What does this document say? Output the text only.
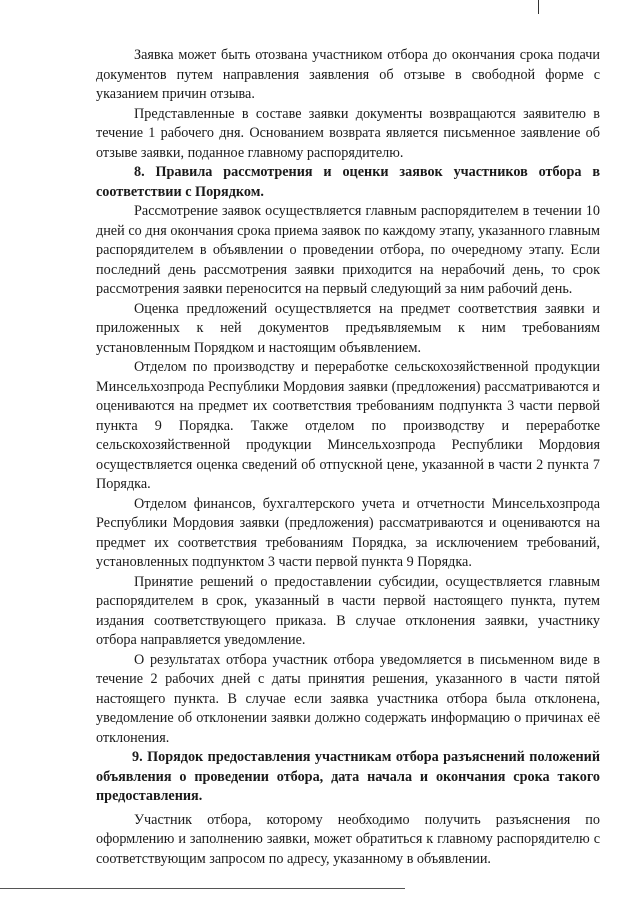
Заявка может быть отозвана участником отбора до окончания срока подачи документов путем направления заявления об отзыве в свободной форме с указанием причин отзыва.

Представленные в составе заявки документы возвращаются заявителю в течение 1 рабочего дня. Основанием возврата является письменное заявление об отзыве заявки, поданное главному распорядителю.

8. Правила рассмотрения и оценки заявок участников отбора в соответствии с Порядком.

Рассмотрение заявок осуществляется главным распорядителем в течении 10 дней со дня окончания срока приема заявок по каждому этапу, указанного главным распорядителем в объявлении о проведении отбора, по очередному этапу. Если последний день рассмотрения заявки приходится на нерабочий день, то срок рассмотрения заявки переносится на первый следующий за ним рабочий день.

Оценка предложений осуществляется на предмет соответствия заявки и приложенных к ней документов предъявляемым к ним требованиям установленным Порядком и настоящим объявлением.

Отделом по производству и переработке сельскохозяйственной продукции Минсельхозпрода Республики Мордовия заявки (предложения) рассматриваются и оцениваются на предмет их соответствия требованиям подпункта 3 части первой пункта 9 Порядка. Также отделом по производству и переработке сельскохозяйственной продукции Минсельхозпрода Республики Мордовия осуществляется оценка сведений об отпускной цене, указанной в части 2 пункта 7 Порядка.

Отделом финансов, бухгалтерского учета и отчетности Минсельхозпрода Республики Мордовия заявки (предложения) рассматриваются и оцениваются на предмет их соответствия требованиям Порядка, за исключением требований, установленных подпунктом 3 части первой пункта 9 Порядка.

Принятие решений о предоставлении субсидии, осуществляется главным распорядителем в срок, указанный в части первой настоящего пункта, путем издания соответствующего приказа. В случае отклонения заявки, участнику отбора направляется уведомление.

О результатах отбора участник отбора уведомляется в письменном виде в течение 2 рабочих дней с даты принятия решения, указанного в части пятой настоящего пункта. В случае если заявка участника отбора была отклонена, уведомление об отклонении заявки должно содержать информацию о причинах её отклонения.

9. Порядок предоставления участникам отбора разъяснений положений объявления о проведении отбора, дата начала и окончания срока такого предоставления.

Участник отбора, которому необходимо получить разъяснения по оформлению и заполнению заявки, может обратиться к главному распорядителю с соответствующим запросом по адресу, указанному в объявлении.
